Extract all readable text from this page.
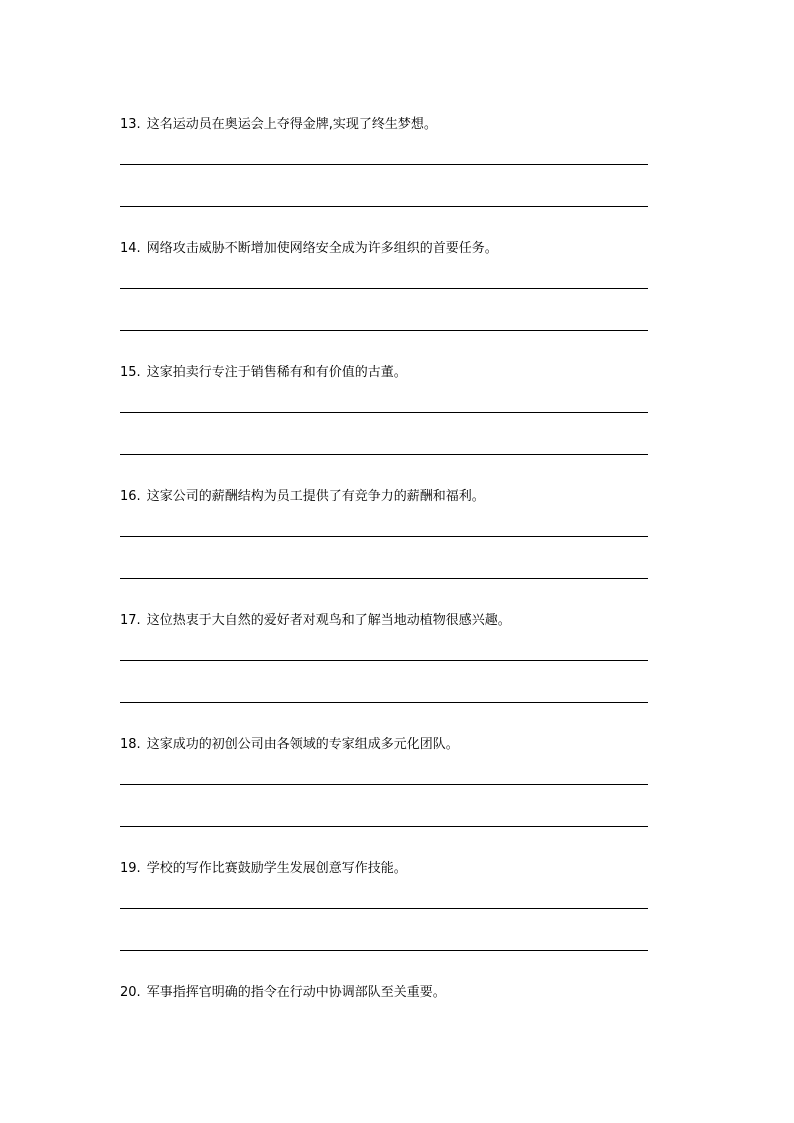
13. 这名运动员在奥运会上夺得金牌,实现了终生梦想。
14. 网络攻击威胁不断增加使网络安全成为许多组织的首要任务。
15. 这家拍卖行专注于销售稀有和有价值的古董。
16. 这家公司的薪酬结构为员工提供了有竞争力的薪酬和福利。
17. 这位热衷于大自然的爱好者对观鸟和了解当地动植物很感兴趣。
18. 这家成功的初创公司由各领域的专家组成多元化团队。
19. 学校的写作比赛鼓励学生发展创意写作技能。
20. 军事指挥官明确的指令在行动中协调部队至关重要。
